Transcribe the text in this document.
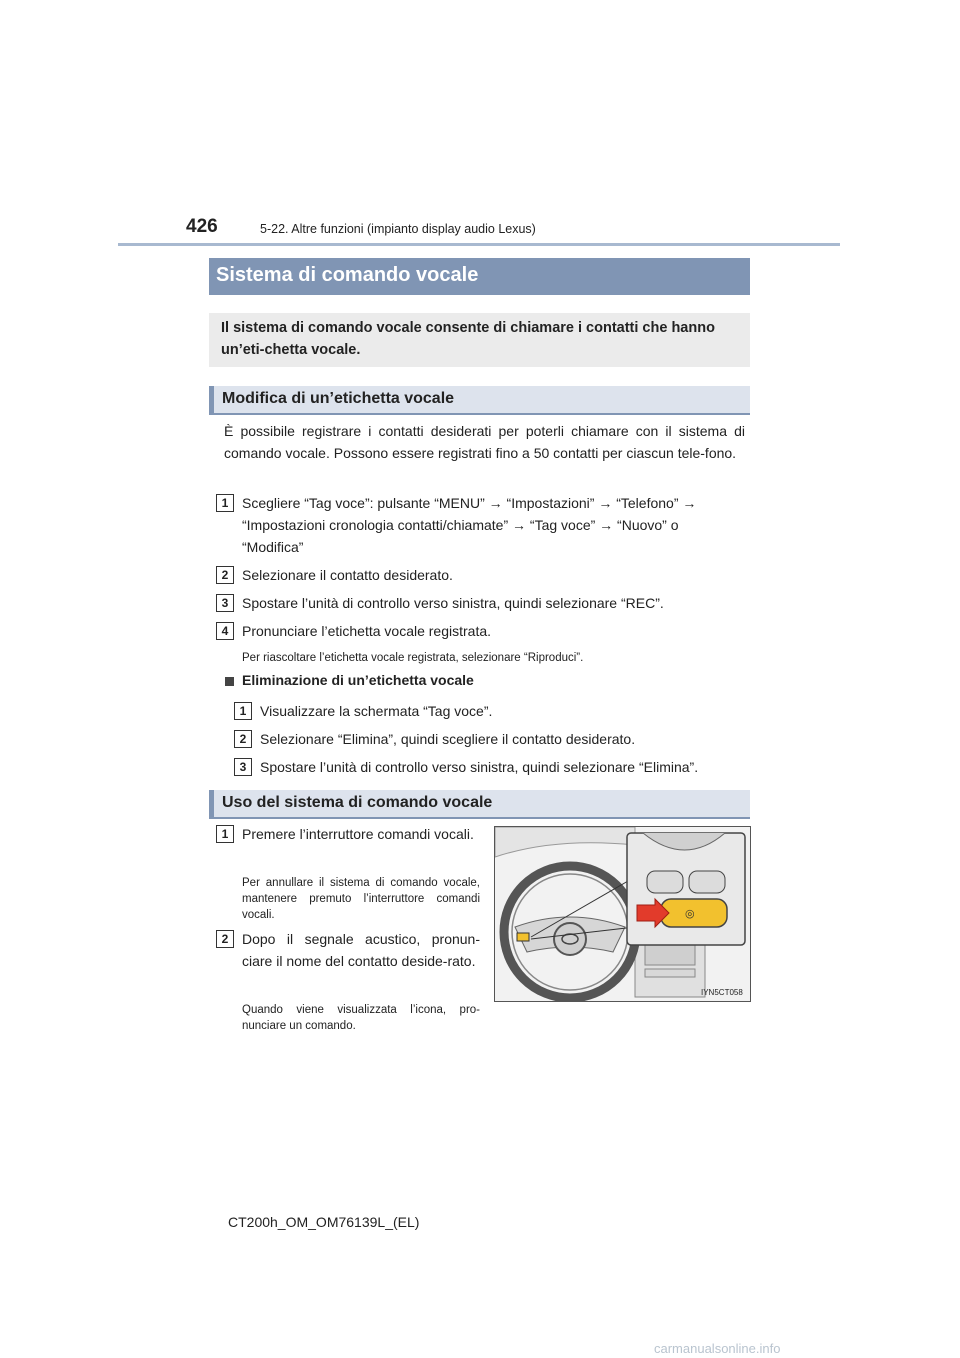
426	5-22. Altre funzioni (impianto display audio Lexus)
Sistema di comando vocale
Il sistema di comando vocale consente di chiamare i contatti che hanno un’eti-chetta vocale.
Modifica di un’etichetta vocale
È possibile registrare i contatti desiderati per poterli chiamare con il sistema di comando vocale. Possono essere registrati fino a 50 contatti per ciascun tele-fono.
1 Scegliere “Tag voce”: pulsante “MENU” → “Impostazioni” → “Telefono” → “Impostazioni cronologia contatti/chiamate” → “Tag voce” → “Nuovo” o “Modifica”
2 Selezionare il contatto desiderato.
3 Spostare l’unità di controllo verso sinistra, quindi selezionare “REC”.
4 Pronunciare l’etichetta vocale registrata.
Per riascoltare l’etichetta vocale registrata, selezionare “Riproduci”.
Eliminazione di un’etichetta vocale
1 Visualizzare la schermata “Tag voce”.
2 Selezionare “Elimina”, quindi scegliere il contatto desiderato.
3 Spostare l’unità di controllo verso sinistra, quindi selezionare “Elimina”.
Uso del sistema di comando vocale
1 Premere l’interruttore comandi vocali.
Per annullare il sistema di comando vocale, mantenere premuto l’interruttore comandi vocali.
2 Dopo il segnale acustico, pronun-ciare il nome del contatto deside-rato.
Quando viene visualizzata l’icona, pro-nunciare un comando.
◎
IYN5CT058
CT200h_OM_OM76139L_(EL)
carmanualsonline.info
